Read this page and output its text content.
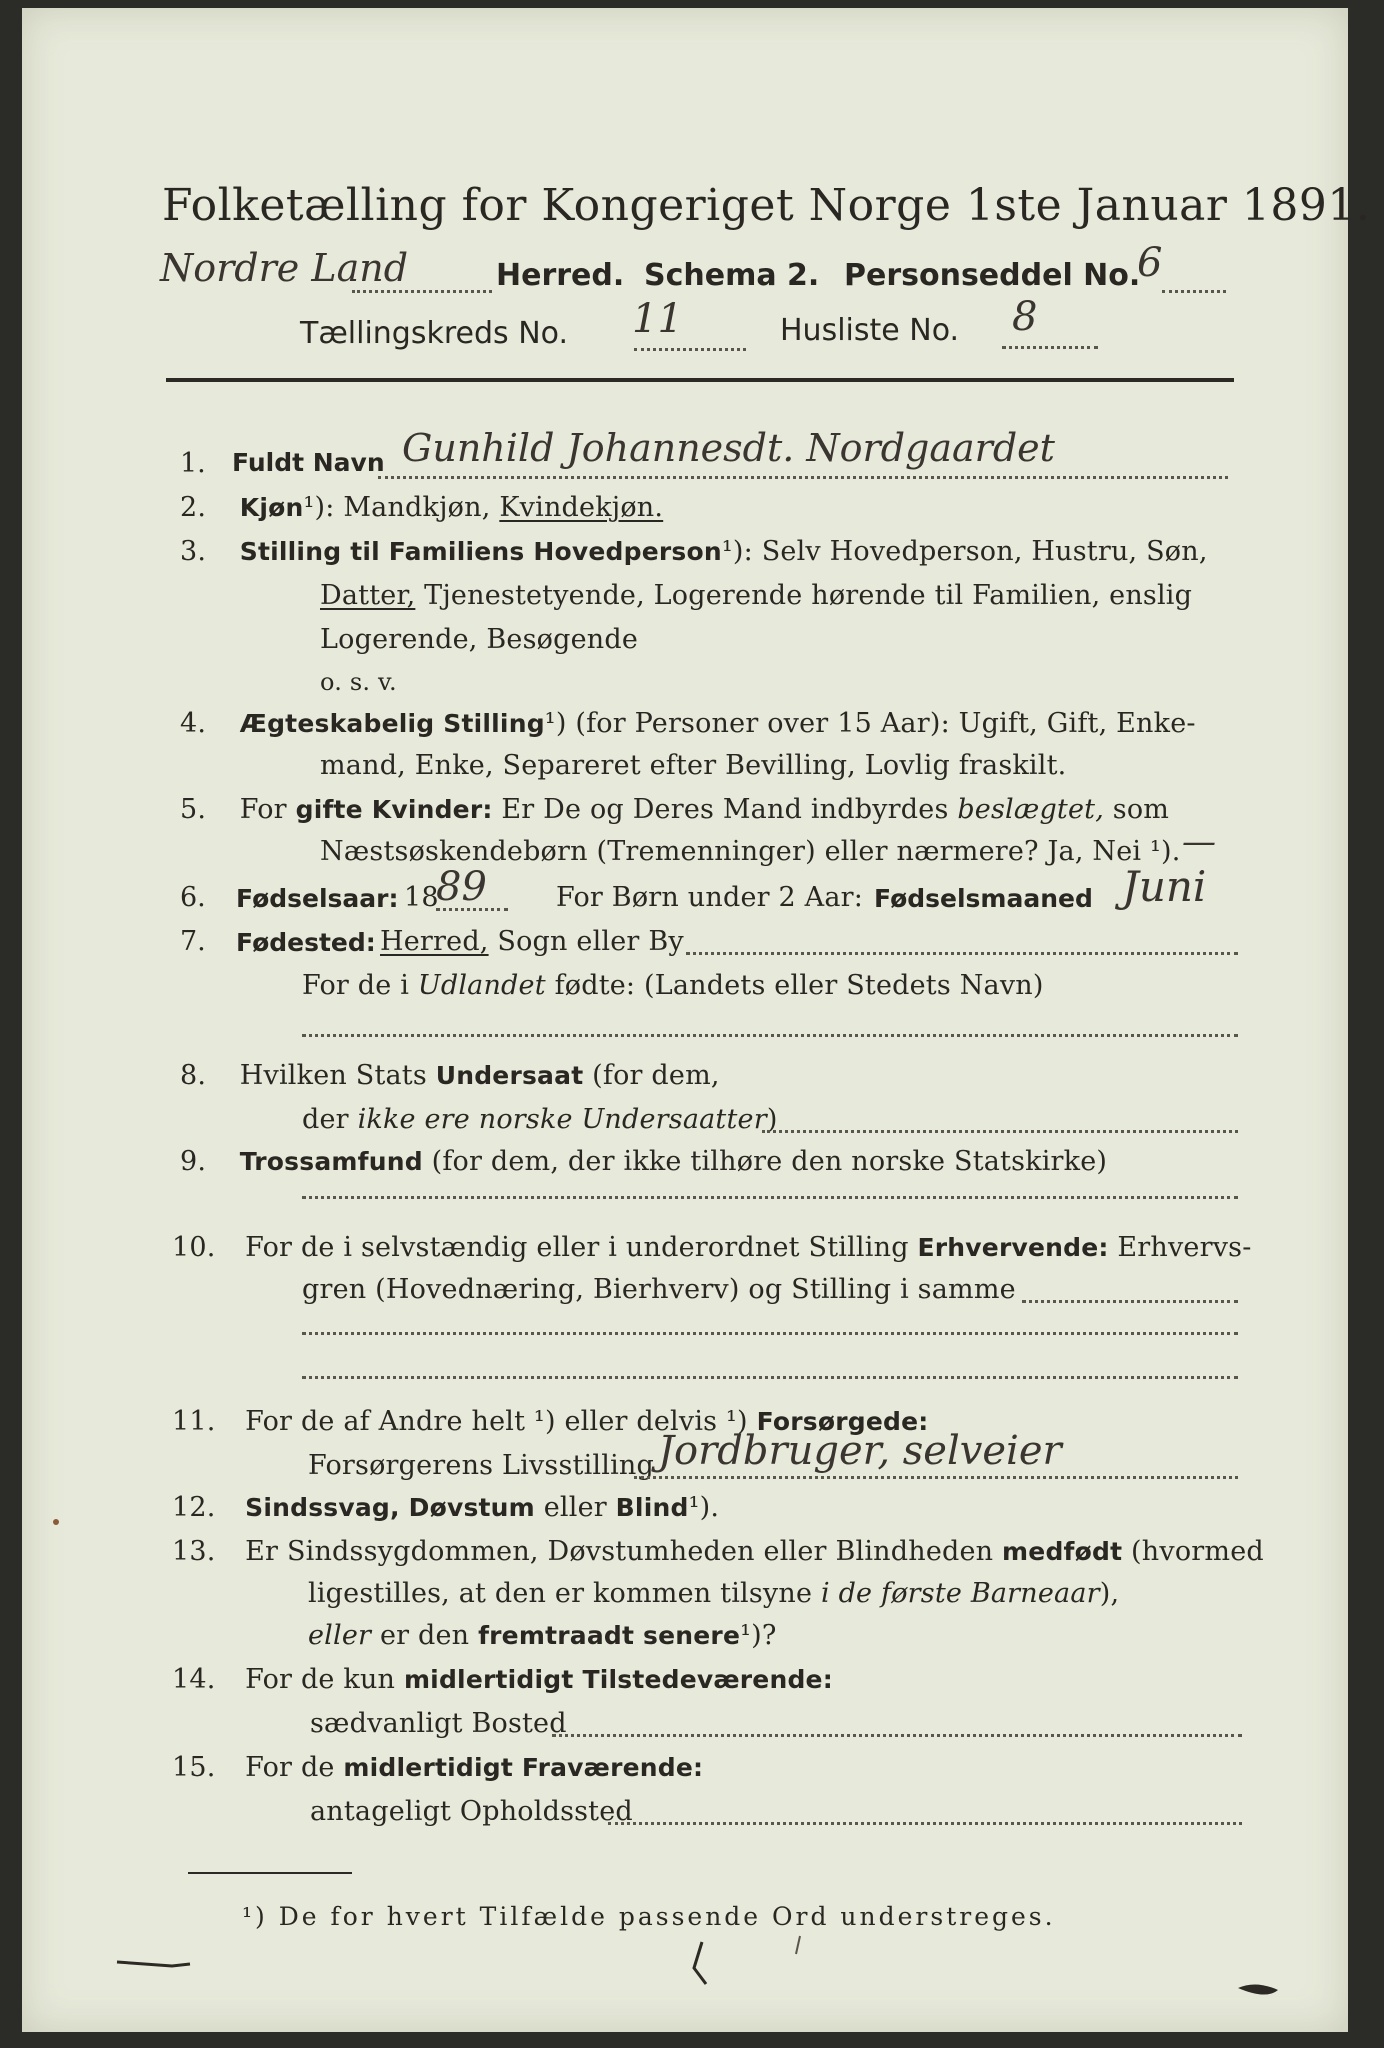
Folketælling for Kongeriget Norge 1ste Januar 1891.
Nordre Land	Herred. Schema 2. Personseddel No.
6
Tællingskreds No. 11	Husliste No. 8
1. Fuldt Navn Gunhild Johannesdt. Nordgaardet
2. Kjøn¹): Mandkjøn, Kvindekjøn.
3. Stilling til Familiens Hovedperson¹): Selv Hovedperson, Hustru, Søn,
Datter, Tjenestetyende, Logerende hørende til Familien, enslig
Logerende, Besøgende
o. s. v.
4. Ægteskabelig Stilling¹) (for Personer over 15 Aar): Ugift, Gift, Enke-
mand, Enke, Separeret efter Bevilling, Lovlig fraskilt.
5. For gifte Kvinder: Er De og Deres Mand indbyrdes beslægtet, som
Næstsøskendebørn (Tremenninger) eller nærmere? Ja, Nei ¹). —
6. Fødselsaar: 18
89	For Børn under 2 Aar: Fødselsmaaned Juni
7. Fødested: Herred, Sogn eller By
For de i Udlandet fødte: (Landets eller Stedets Navn)
8. Hvilken Stats Undersaat (for dem,
der ikke ere norske Undersaatter)
9. Trossamfund (for dem, der ikke tilhøre den norske Statskirke)
10. For de i selvstændig eller i underordnet Stilling Erhvervende: Erhvervs-
gren (Hovednæring, Bierhverv) og Stilling i samme
11. For de af Andre helt ¹) eller delvis ¹) Forsørgede:
Forsørgerens Livsstilling Jordbruger, selveier
12. Sindssvag, Døvstum eller Blind¹).
13. Er Sindssygdommen, Døvstumheden eller Blindheden medfødt (hvormed
ligestilles, at den er kommen tilsyne i de første Barneaar),
eller er den fremtraadt senere¹)?
14. For de kun midlertidigt Tilstedeværende:
sædvanligt Bosted
15. For de midlertidigt Fraværende:
antageligt Opholdssted
¹) De for hvert Tilfælde passende Ord understreges.
